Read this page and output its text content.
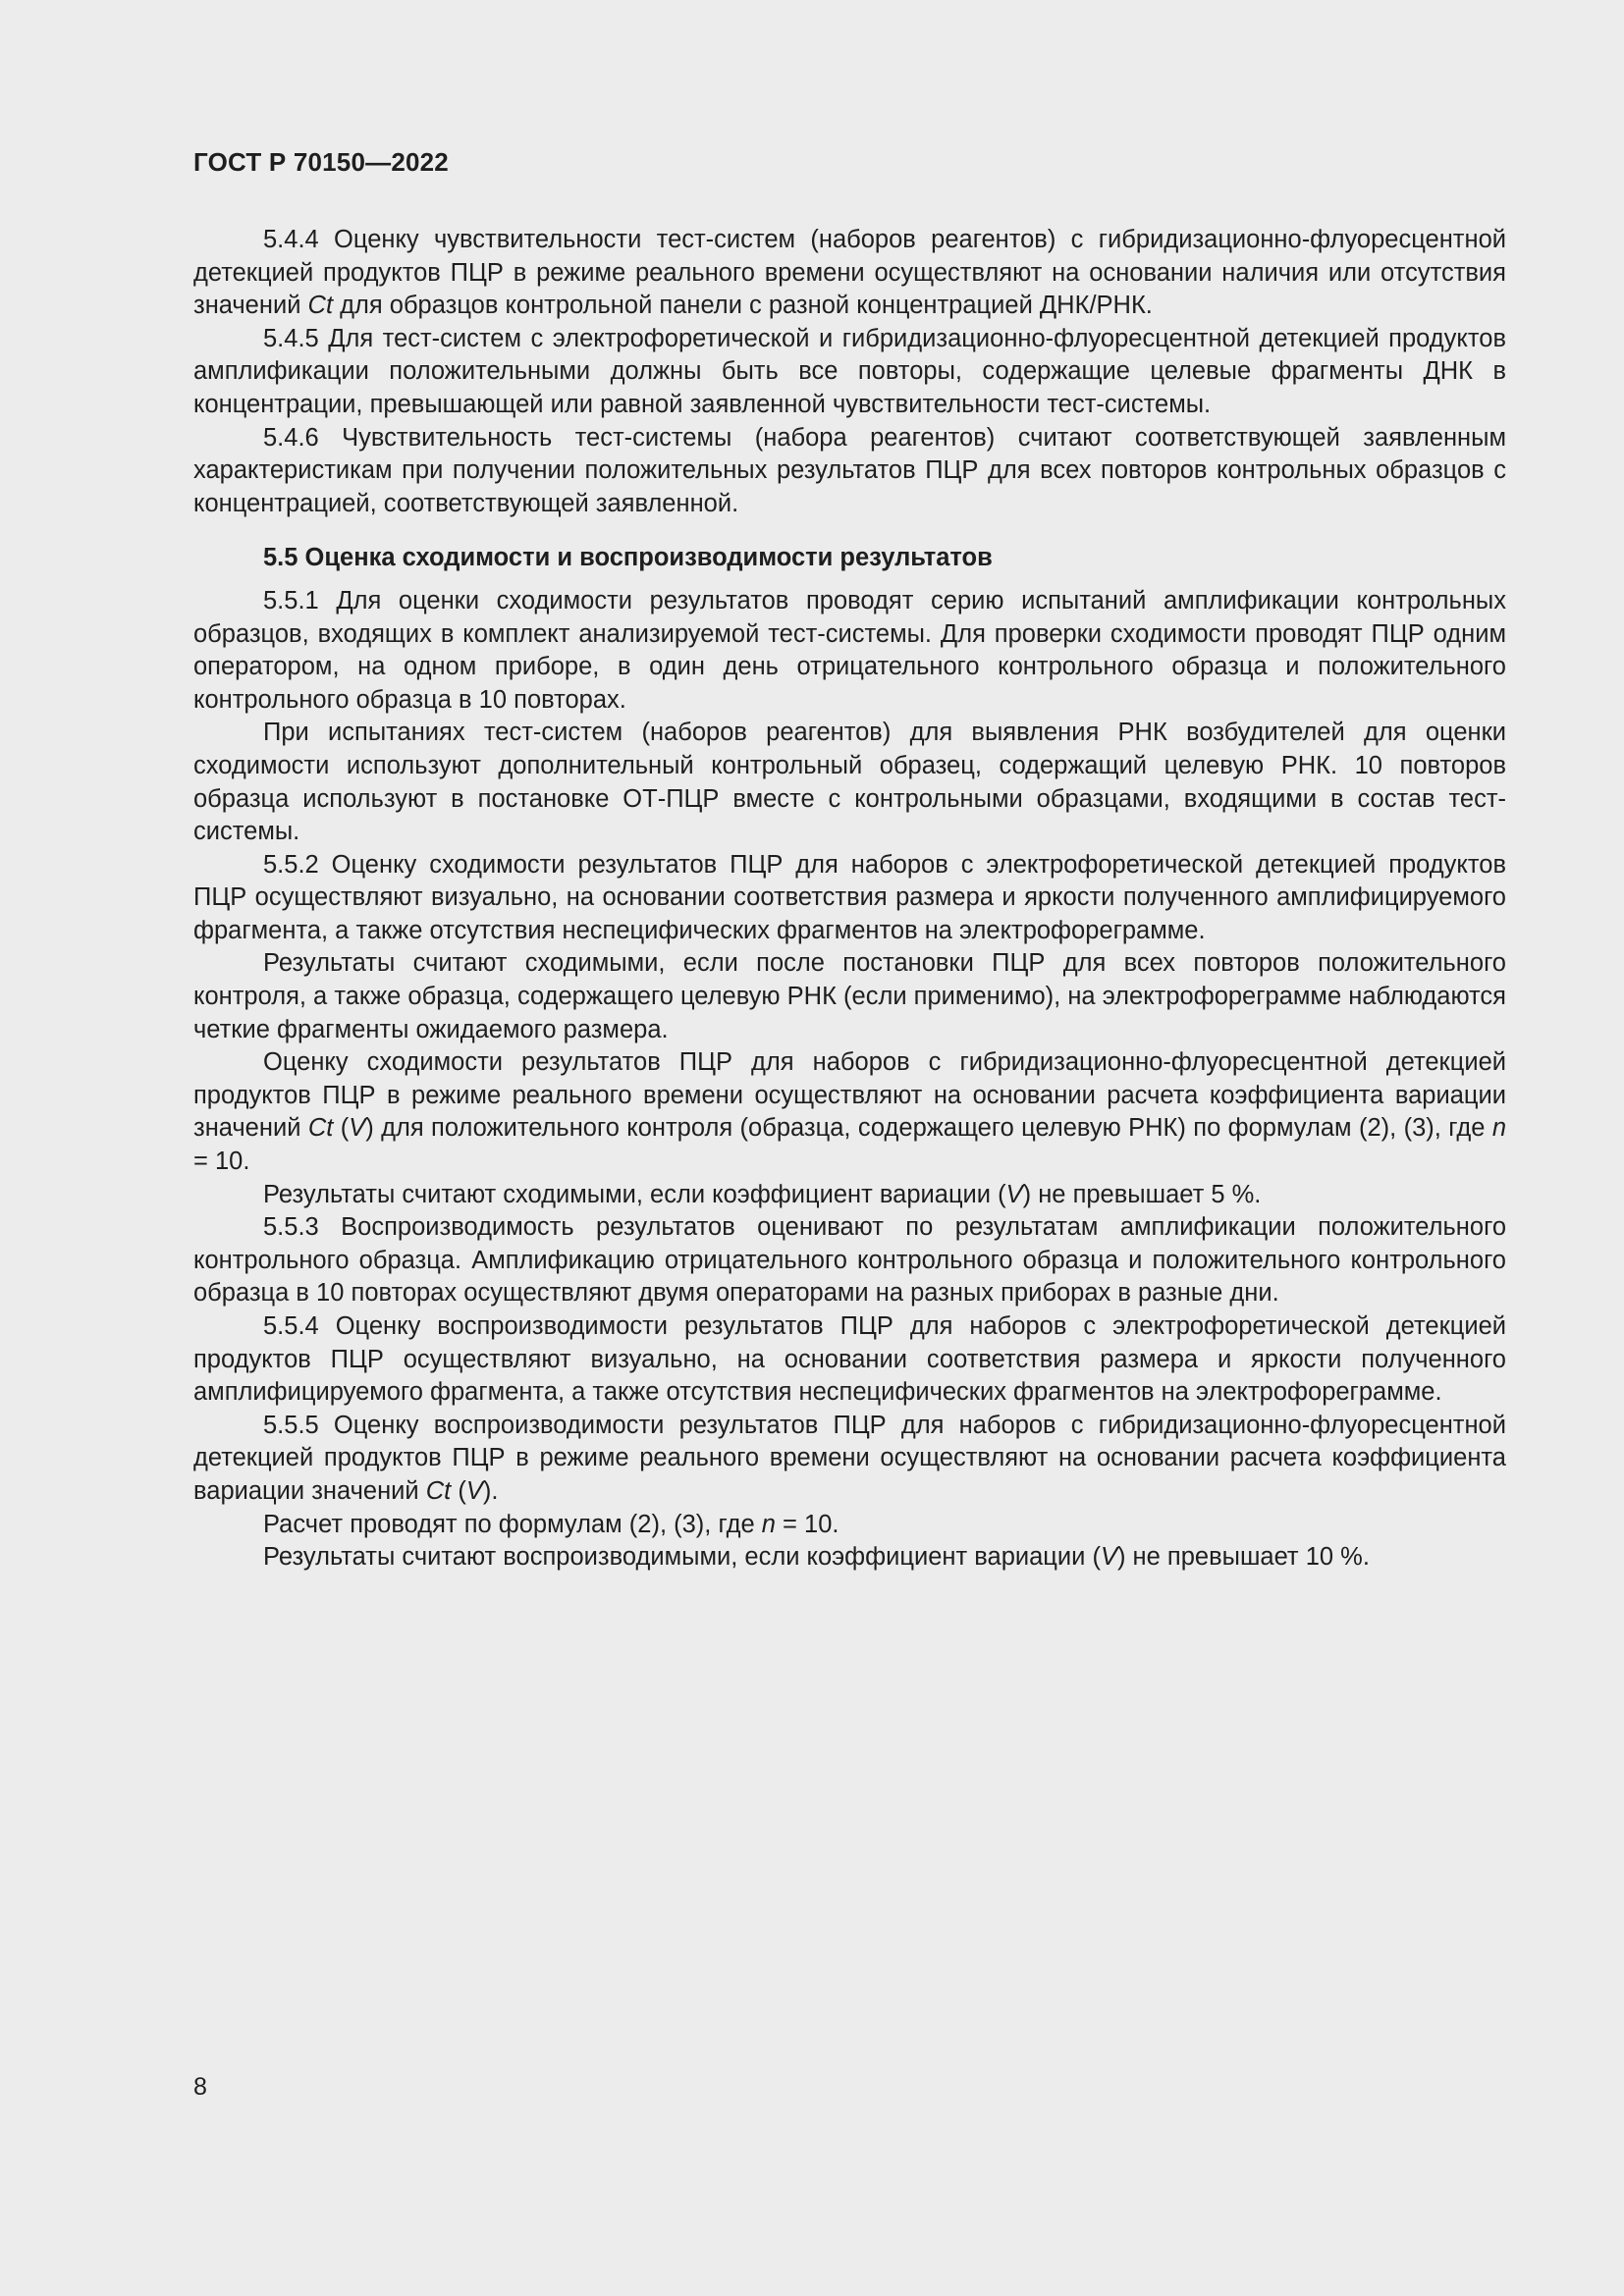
ГОСТ Р 70150—2022

5.4.4 Оценку чувствительности тест-систем (наборов реагентов) с гибридизационно-флуоресцентной детекцией продуктов ПЦР в режиме реального времени осуществляют на основании наличия или отсутствия значений Ct для образцов контрольной панели с разной концентрацией ДНК/РНК.

5.4.5 Для тест-систем с электрофоретической и гибридизационно-флуоресцентной детекцией продуктов амплификации положительными должны быть все повторы, содержащие целевые фрагменты ДНК в концентрации, превышающей или равной заявленной чувствительности тест-системы.

5.4.6 Чувствительность тест-системы (набора реагентов) считают соответствующей заявленным характеристикам при получении положительных результатов ПЦР для всех повторов контрольных образцов с концентрацией, соответствующей заявленной.

5.5 Оценка сходимости и воспроизводимости результатов

5.5.1 Для оценки сходимости результатов проводят серию испытаний амплификации контрольных образцов, входящих в комплект анализируемой тест-системы. Для проверки сходимости проводят ПЦР одним оператором, на одном приборе, в один день отрицательного контрольного образца и положительного контрольного образца в 10 повторах.

При испытаниях тест-систем (наборов реагентов) для выявления РНК возбудителей для оценки сходимости используют дополнительный контрольный образец, содержащий целевую РНК. 10 повторов образца используют в постановке ОТ-ПЦР вместе с контрольными образцами, входящими в состав тест-системы.

5.5.2 Оценку сходимости результатов ПЦР для наборов с электрофоретической детекцией продуктов ПЦР осуществляют визуально, на основании соответствия размера и яркости полученного амплифицируемого фрагмента, а также отсутствия неспецифических фрагментов на электрофореграмме.

Результаты считают сходимыми, если после постановки ПЦР для всех повторов положительного контроля, а также образца, содержащего целевую РНК (если применимо), на электрофореграмме наблюдаются четкие фрагменты ожидаемого размера.

Оценку сходимости результатов ПЦР для наборов с гибридизационно-флуоресцентной детекцией продуктов ПЦР в режиме реального времени осуществляют на основании расчета коэффициента вариации значений Ct (V) для положительного контроля (образца, содержащего целевую РНК) по формулам (2), (3), где n = 10.

Результаты считают сходимыми, если коэффициент вариации (V) не превышает 5 %.

5.5.3 Воспроизводимость результатов оценивают по результатам амплификации положительного контрольного образца. Амплификацию отрицательного контрольного образца и положительного контрольного образца в 10 повторах осуществляют двумя операторами на разных приборах в разные дни.

5.5.4 Оценку воспроизводимости результатов ПЦР для наборов с электрофоретической детекцией продуктов ПЦР осуществляют визуально, на основании соответствия размера и яркости полученного амплифицируемого фрагмента, а также отсутствия неспецифических фрагментов на электрофореграмме.

5.5.5 Оценку воспроизводимости результатов ПЦР для наборов с гибридизационно-флуоресцентной детекцией продуктов ПЦР в режиме реального времени осуществляют на основании расчета коэффициента вариации значений Ct (V).

Расчет проводят по формулам (2), (3), где n = 10.

Результаты считают воспроизводимыми, если коэффициент вариации (V) не превышает 10 %.

8
